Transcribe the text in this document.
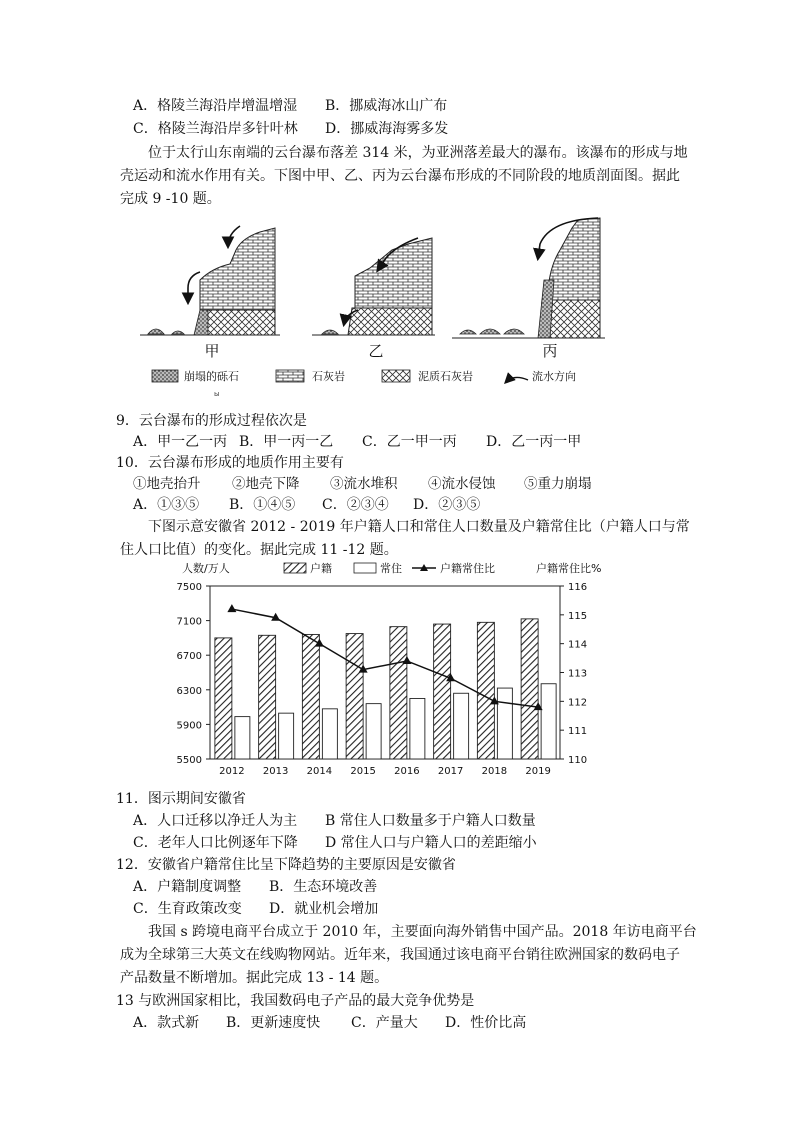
A．格陵兰海沿岸增温增湿 B．挪威海冰山广布
C．格陵兰海沿岸多针叶林 D．挪威海海雾多发
位于太行山东南端的云台瀑布落差 314 米，为亚洲落差最大的瀑布。该瀑布的形成与地
壳运动和流水作用有关。下图中甲、乙、丙为云台瀑布形成的不同阶段的地质剖面图。据此
完成 9 -10 题。
甲	乙	丙
崩塌的砾石	石灰岩	泥质石灰岩	流水方向
ы
9．云台瀑布的形成过程依次是
A．甲一乙一丙 B．甲一丙一乙 C．乙一甲一丙 D．乙一丙一甲
10．云台瀑布形成的地质作用主要有
①地壳抬升 ②地壳下降 ③流水堆积 ④流水侵蚀 ⑤重力崩塌
A．①③⑤ B．①④⑤ C．②③④ D．②③⑤
下图示意安徽省 2012 - 2019 年户籍人口和常住人口数量及户籍常住比（户籍人口与常
住人口比值）的变化。据此完成 11 -12 题。
人数/万人	户籍常住比%
户籍	常住	户籍常住比
5500
5900
6300
6700
7100
7500
110
111
112
113
114
115
116
2012 2013 2014 2015 2016 2017 2018 2019
11．图示期间安徽省
A．人口迁移以净迁人为主 B 常住人口数量多于户籍人口数量
C．老年人口比例逐年下降 D 常住人口与户籍人口的差距缩小
12．安徽省户籍常住比呈下降趋势的主要原因是安徽省
A．户籍制度调整 B．生态环境改善
C．生育政策改变 D．就业机会增加
我国 s 跨境电商平台成立于 2010 年，主要面向海外销售中国产品。2018 年访电商平台
成为全球第三大英文在线购物网站。近年来，我国通过该电商平台销往欧洲国家的数码电子
产品数量不断增加。据此完成 13 - 14 题。
13 与欧洲国家相比，我国数码电子产品的最大竞争优势是
A．款式新 B．更新速度快 C．产量大 D．性价比高
